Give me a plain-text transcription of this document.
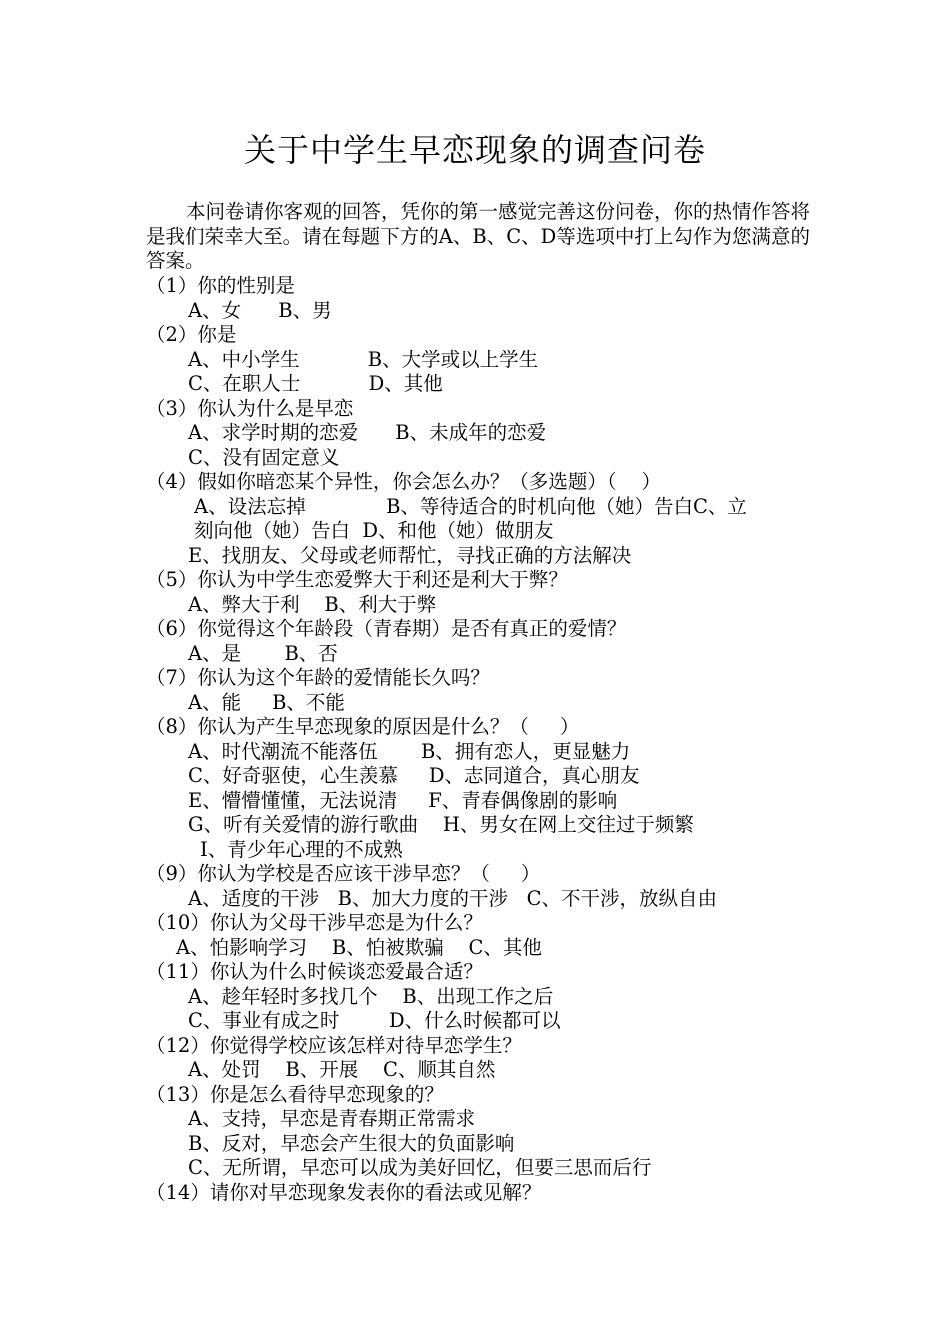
关于中学生早恋现象的调查问卷

本问卷请你客观的回答，凭你的第一感觉完善这份问卷，你的热情作答将是我们荣幸大至。请在每题下方的A、B、C、D等选项中打上勾作为您满意的答案。

（1）你的性别是
A、女      B、男
（2）你是
A、中小学生           B、大学或以上学生
C、在职人士           D、其他
（3）你认为什么是早恋
A、求学时期的恋爱      B、未成年的恋爱
C、没有固定意义
（4）假如你暗恋某个异性，你会怎么办？（多选题）（    ）
A、设法忘掉             B、等待适合的时机向他（她）告白C、立
刻向他（她）告白  D、和他（她）做朋友
E、找朋友、父母或老师帮忙，寻找正确的方法解决
（5）你认为中学生恋爱弊大于利还是利大于弊？
A、弊大于利    B、利大于弊
（6）你觉得这个年龄段（青春期）是否有真正的爱情？
A、是       B、否
（7）你认为这个年龄的爱情能长久吗？
A、能     B、不能
（8）你认为产生早恋现象的原因是什么？（     ）
A、时代潮流不能落伍       B、拥有恋人，更显魅力
C、好奇驱使，心生羡慕     D、志同道合，真心朋友
E、懵懵懂懂，无法说清     F、青春偶像剧的影响
G、听有关爱情的游行歌曲    H、男女在网上交往过于频繁
I、青少年心理的不成熟
（9）你认为学校是否应该干涉早恋？（     ）
A、适度的干涉   B、加大力度的干涉   C、不干涉，放纵自由
（10）你认为父母干涉早恋是为什么？
A、怕影响学习    B、怕被欺骗    C、其他
（11）你认为什么时候谈恋爱最合适？
A、趁年轻时多找几个    B、出现工作之后
C、事业有成之时        D、什么时候都可以
（12）你觉得学校应该怎样对待早恋学生？
A、处罚    B、开展    C、顺其自然
（13）你是怎么看待早恋现象的？
A、支持，早恋是青春期正常需求
B、反对，早恋会产生很大的负面影响
C、无所谓，早恋可以成为美好回忆，但要三思而后行
（14）请你对早恋现象发表你的看法或见解？
